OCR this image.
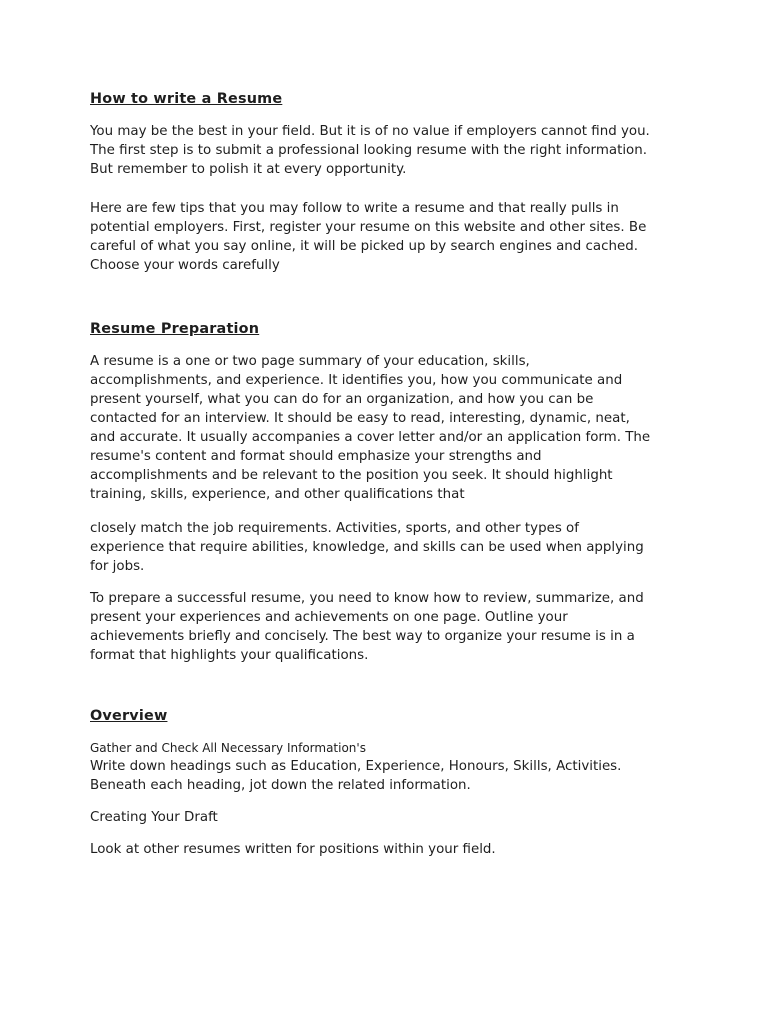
How to write a Resume
You may be the best in your field. But it is of no value if employers cannot find you.
The first step is to submit a professional looking resume with the right information.
But remember to polish it at every opportunity.
Here are few tips that you may follow to write a resume and that really pulls in
potential employers. First, register your resume on this website and other sites. Be
careful of what you say online, it will be picked up by search engines and cached.
Choose your words carefully
Resume Preparation
A resume is a one or two page summary of your education, skills,
accomplishments, and experience. It identifies you, how you communicate and
present yourself, what you can do for an organization, and how you can be
contacted for an interview. It should be easy to read, interesting, dynamic, neat,
and accurate. It usually accompanies a cover letter and/or an application form. The
resume's content and format should emphasize your strengths and
accomplishments and be relevant to the position you seek. It should highlight
training, skills, experience, and other qualifications that
closely match the job requirements. Activities, sports, and other types of
experience that require abilities, knowledge, and skills can be used when applying
for jobs.
To prepare a successful resume, you need to know how to review, summarize, and
present your experiences and achievements on one page. Outline your
achievements briefly and concisely. The best way to organize your resume is in a
format that highlights your qualifications.
Overview
Gather and Check All Necessary Information's
Write down headings such as Education, Experience, Honours, Skills, Activities.
Beneath each heading, jot down the related information.
Creating Your Draft
Look at other resumes written for positions within your field.
